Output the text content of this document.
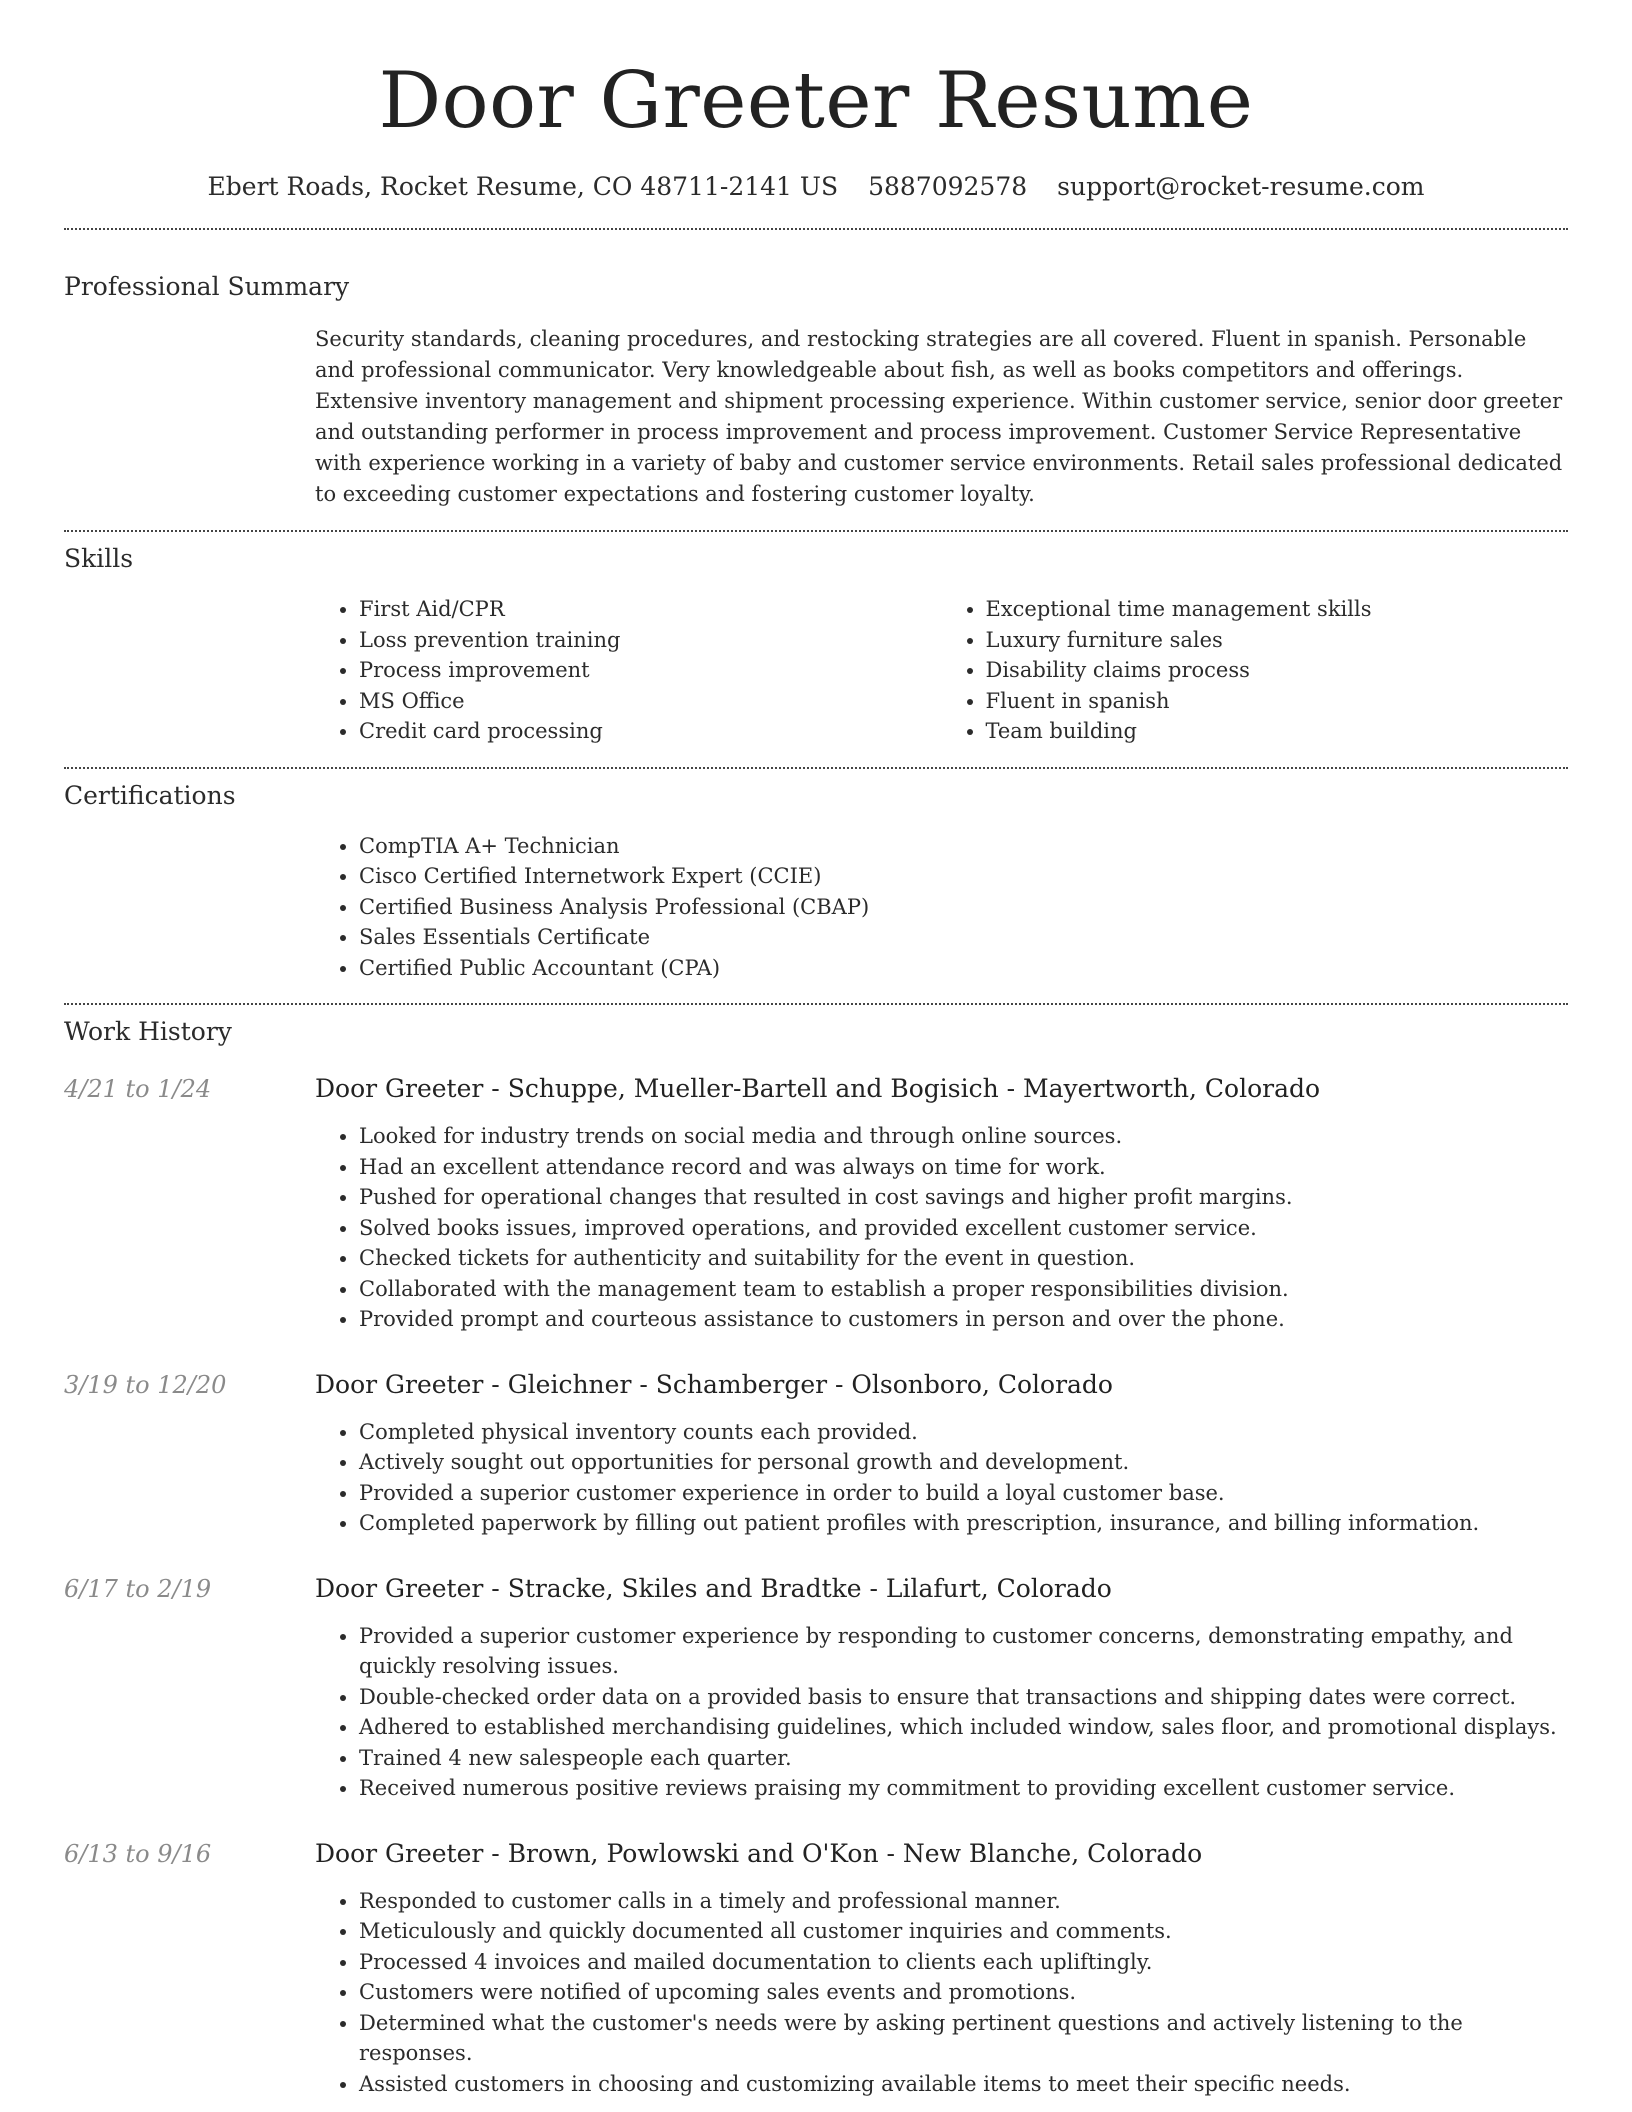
Door Greeter Resume
Ebert Roads, Rocket Resume, CO 48711-2141 US 5887092578 support@rocket-resume.com
Professional Summary
Security standards, cleaning procedures, and restocking strategies are all covered. Fluent in spanish. Personable and professional communicator. Very knowledgeable about fish, as well as books competitors and offerings. Extensive inventory management and shipment processing experience. Within customer service, senior door greeter and outstanding performer in process improvement and process improvement. Customer Service Representative with experience working in a variety of baby and customer service environments. Retail sales professional dedicated to exceeding customer expectations and fostering customer loyalty.
Skills
• First Aid/CPR
• Loss prevention training
• Process improvement
• MS Office
• Credit card processing
• Exceptional time management skills
• Luxury furniture sales
• Disability claims process
• Fluent in spanish
• Team building
Certifications
• CompTIA A+ Technician
• Cisco Certified Internetwork Expert (CCIE)
• Certified Business Analysis Professional (CBAP)
• Sales Essentials Certificate
• Certified Public Accountant (CPA)
Work History
4/21 to 1/24	Door Greeter - Schuppe, Mueller-Bartell and Bogisich - Mayertworth, Colorado
• Looked for industry trends on social media and through online sources.
• Had an excellent attendance record and was always on time for work.
• Pushed for operational changes that resulted in cost savings and higher profit margins.
• Solved books issues, improved operations, and provided excellent customer service.
• Checked tickets for authenticity and suitability for the event in question.
• Collaborated with the management team to establish a proper responsibilities division.
• Provided prompt and courteous assistance to customers in person and over the phone.
3/19 to 12/20	Door Greeter - Gleichner - Schamberger - Olsonboro, Colorado
• Completed physical inventory counts each provided.
• Actively sought out opportunities for personal growth and development.
• Provided a superior customer experience in order to build a loyal customer base.
• Completed paperwork by filling out patient profiles with prescription, insurance, and billing information.
6/17 to 2/19	Door Greeter - Stracke, Skiles and Bradtke - Lilafurt, Colorado
• Provided a superior customer experience by responding to customer concerns, demonstrating empathy, and quickly resolving issues.
• Double-checked order data on a provided basis to ensure that transactions and shipping dates were correct.
• Adhered to established merchandising guidelines, which included window, sales floor, and promotional displays.
• Trained 4 new salespeople each quarter.
• Received numerous positive reviews praising my commitment to providing excellent customer service.
6/13 to 9/16	Door Greeter - Brown, Powlowski and O'Kon - New Blanche, Colorado
• Responded to customer calls in a timely and professional manner.
• Meticulously and quickly documented all customer inquiries and comments.
• Processed 4 invoices and mailed documentation to clients each upliftingly.
• Customers were notified of upcoming sales events and promotions.
• Determined what the customer's needs were by asking pertinent questions and actively listening to the responses.
• Assisted customers in choosing and customizing available items to meet their specific needs.
